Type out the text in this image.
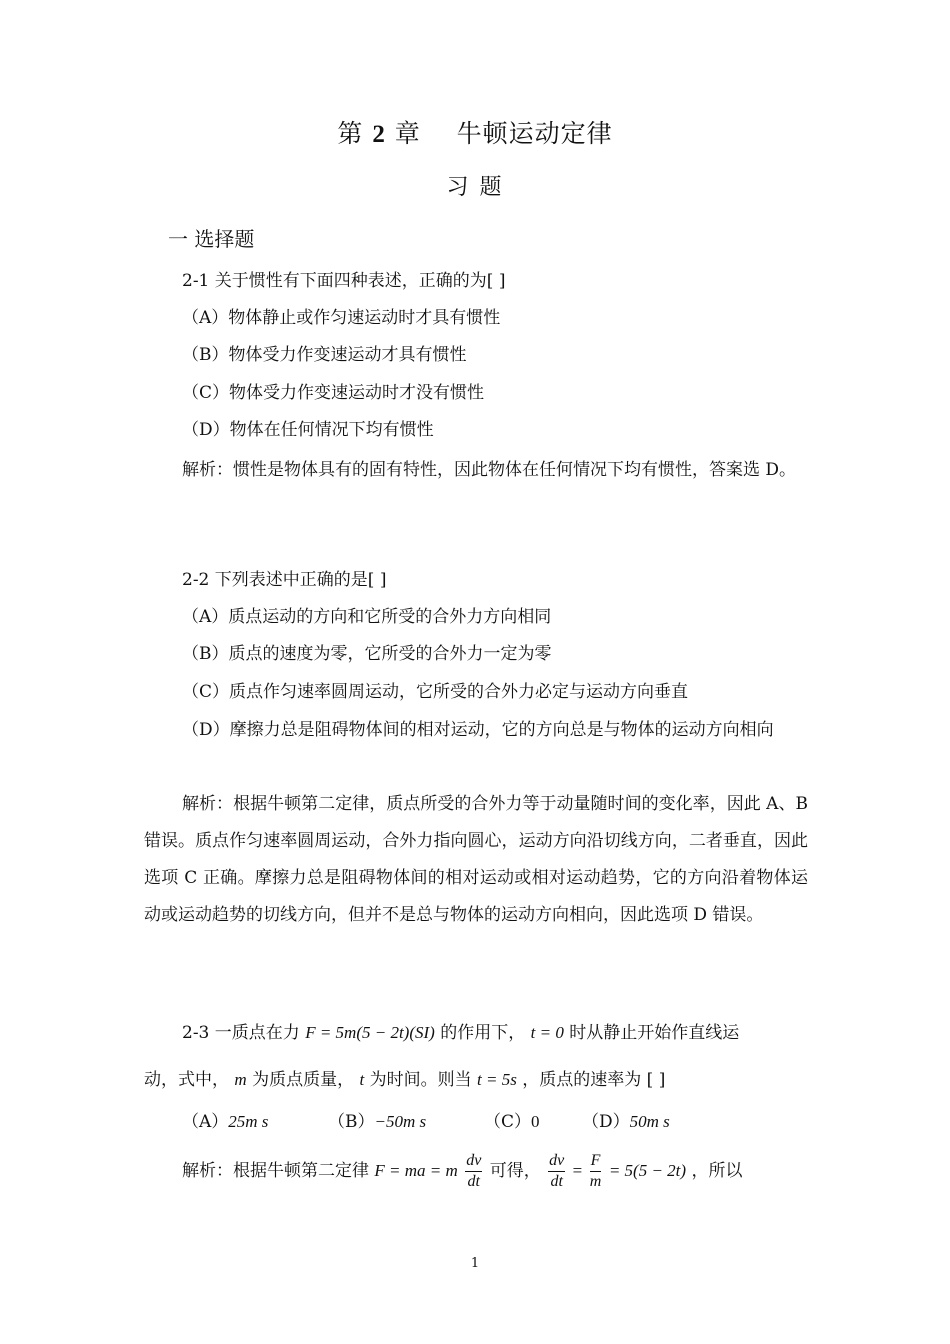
第 2 章 牛顿运动定律
习 题
一 选择题
2-1 关于惯性有下面四种表述，正确的为[ ]
（A）物体静止或作匀速运动时才具有惯性
（B）物体受力作变速运动才具有惯性
（C）物体受力作变速运动时才没有惯性
（D）物体在任何情况下均有惯性
解析：惯性是物体具有的固有特性，因此物体在任何情况下均有惯性，答案选 D。
2-2 下列表述中正确的是[ ]
（A）质点运动的方向和它所受的合外力方向相同
（B）质点的速度为零，它所受的合外力一定为零
（C）质点作匀速率圆周运动，它所受的合外力必定与运动方向垂直
（D）摩擦力总是阻碍物体间的相对运动，它的方向总是与物体的运动方向相向
解析：根据牛顿第二定律，质点所受的合外力等于动量随时间的变化率，因此 A、B 错误。质点作匀速率圆周运动，合外力指向圆心，运动方向沿切线方向，二者垂直，因此选项 C 正确。摩擦力总是阻碍物体间的相对运动或相对运动趋势，它的方向沿着物体运动或运动趋势的切线方向，但并不是总与物体的运动方向相向，因此选项 D 错误。
2-3 一质点在力 F = 5m(5 − 2t)(SI) 的作用下， t = 0 时从静止开始作直线运
动，式中， m 为质点质量， t 为时间。则当 t = 5s ，质点的速率为 [ ]
（A）25m s	（B）−50m s	（C）0 （D）50m s
解析：根据牛顿第二定律 F = ma = m $\frac{dv}{dt}$ 可得， $\frac{dv}{dt} = \frac{F}{m} = 5(5 - 2t)$ ，所以
1
